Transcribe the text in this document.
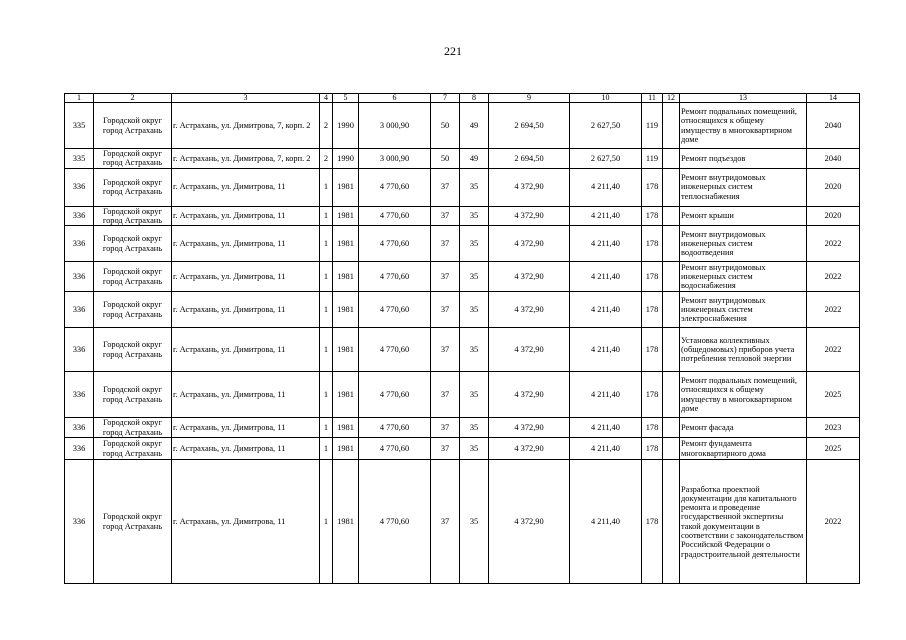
221
1	2	3	4	5	6	7	8	9	10	11	12	13	14
335	Городской округ город Астрахань	г. Астрахань, ул. Димитрова, 7, корп. 2	2	1990	3 000,90	50	49	2 694,50	2 627,50	119		Ремонт подвальных помещений, относящихся к общему имуществу в многоквартирном доме	2040
335	Городской округ город Астрахань	г. Астрахань, ул. Димитрова, 7, корп. 2	2	1990	3 000,90	50	49	2 694,50	2 627,50	119		Ремонт подъездов	2040
336	Городской округ город Астрахань	г. Астрахань, ул. Димитрова, 11	1	1981	4 770,60	37	35	4 372,90	4 211,40	178		Ремонт внутридомовых инженерных систем теплоснабжения	2020
336	Городской округ город Астрахань	г. Астрахань, ул. Димитрова, 11	1	1981	4 770,60	37	35	4 372,90	4 211,40	178		Ремонт крыши	2020
336	Городской округ город Астрахань	г. Астрахань, ул. Димитрова, 11	1	1981	4 770,60	37	35	4 372,90	4 211,40	178		Ремонт внутридомовых инженерных систем водоотведения	2022
336	Городской округ город Астрахань	г. Астрахань, ул. Димитрова, 11	1	1981	4 770,60	37	35	4 372,90	4 211,40	178		Ремонт внутридомовых инженерных систем водоснабжения	2022
336	Городской округ город Астрахань	г. Астрахань, ул. Димитрова, 11	1	1981	4 770,60	37	35	4 372,90	4 211,40	178		Ремонт внутридомовых инженерных систем электроснабжения	2022
336	Городской округ город Астрахань	г. Астрахань, ул. Димитрова, 11	1	1981	4 770,60	37	35	4 372,90	4 211,40	178		Установка коллективных (общедомовых) приборов учета потребления тепловой энергии	2022
336	Городской округ город Астрахань	г. Астрахань, ул. Димитрова, 11	1	1981	4 770,60	37	35	4 372,90	4 211,40	178		Ремонт подвальных помещений, относящихся к общему имуществу в многоквартирном доме	2025
336	Городской округ город Астрахань	г. Астрахань, ул. Димитрова, 11	1	1981	4 770,60	37	35	4 372,90	4 211,40	178		Ремонт фасада	2023
336	Городской округ город Астрахань	г. Астрахань, ул. Димитрова, 11	1	1981	4 770,60	37	35	4 372,90	4 211,40	178		Ремонт фундамента многоквартирного дома	2025
336	Городской округ город Астрахань	г. Астрахань, ул. Димитрова, 11	1	1981	4 770,60	37	35	4 372,90	4 211,40	178		Разработка проектной документации для капитального ремонта и проведение государственной экспертизы такой документации в соответствии с законодательством Российской Федерации о градостроительной деятельности	2022
